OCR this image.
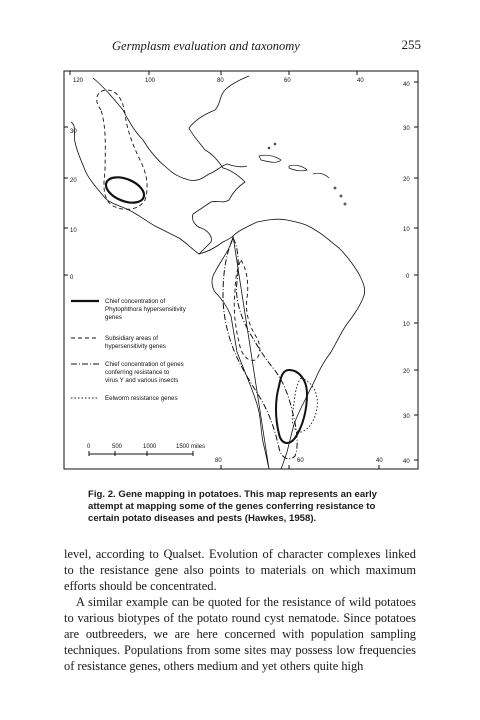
Germplasm evaluation and taxonomy	255
120	100	80	60	40
80	60	40
30
20
10
0
40
30
20
10
0
10
20
30
40
Chief concentration of
Phytophthora hypersensitivity
genes
Subsidiary areas of
hypersensitivity genes
Chief concentration of genes
conferring resistance to
virus Y and various insects
Eelworm resistance genes
0	500	1000	1500 miles
Fig. 2. Gene mapping in potatoes. This map represents an early attempt at mapping some of the genes conferring resistance to certain potato diseases and pests (Hawkes, 1958).

level, according to Qualset. Evolution of character complexes linked to the resistance gene also points to materials on which maximum efforts should be concentrated.

A similar example can be quoted for the resistance of wild potatoes to various biotypes of the potato round cyst nematode. Since potatoes are outbreeders, we are here concerned with population sampling techniques. Populations from some sites may possess low frequencies of resistance genes, others medium and yet others quite high
